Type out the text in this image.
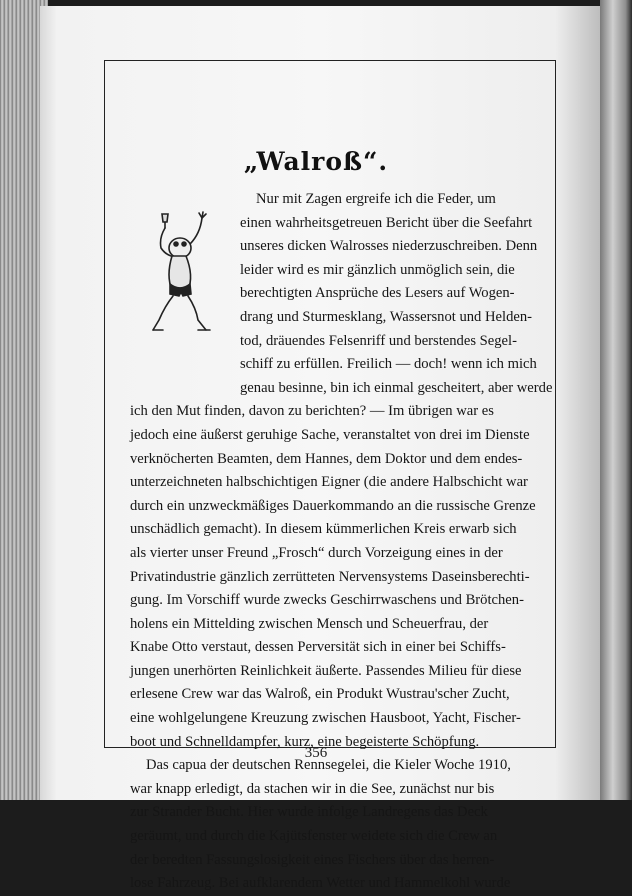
„Walroß“.
Nur mit Zagen ergreife ich die Feder, um
einen wahrheitsgetreuen Bericht über die Seefahrt
unseres dicken Walrosses niederzuschreiben. Denn
leider wird es mir gänzlich unmöglich sein, die
berechtigten Ansprüche des Lesers auf Wogen-
drang und Sturmesklang, Wassersnot und Helden-
tod, dräuendes Felsenriff und berstendes Segel-
schiff zu erfüllen. Freilich — doch! wenn ich mich
genau besinne, bin ich einmal gescheitert, aber werde
ich den Mut finden, davon zu berichten? — Im übrigen war es
jedoch eine äußerst geruhige Sache, veranstaltet von drei im Dienste
verknöcherten Beamten, dem Hannes, dem Doktor und dem endes-
unterzeichneten halbschichtigen Eigner (die andere Halbschicht war
durch ein unzweckmäßiges Dauerkommando an die russische Grenze
unschädlich gemacht). In diesem kümmerlichen Kreis erwarb sich
als vierter unser Freund „Frosch“ durch Vorzeigung eines in der
Privatindustrie gänzlich zerrütteten Nervensystems Daseinsberechti-
gung. Im Vorschiff wurde zwecks Geschirrwaschens und Brötchen-
holens ein Mittelding zwischen Mensch und Scheuerfrau, der
Knabe Otto verstaut, dessen Perversität sich in einer bei Schiffs-
jungen unerhörten Reinlichkeit äußerte. Passendes Milieu für diese
erlesene Crew war das Walroß, ein Produkt Wustrau'scher Zucht,
eine wohlgelungene Kreuzung zwischen Hausboot, Yacht, Fischer-
boot und Schnelldampfer, kurz, eine begeisterte Schöpfung.
Das capua der deutschen Rennsegelei, die Kieler Woche 1910,
war knapp erledigt, da stachen wir in die See, zunächst nur bis
zur Strander Bucht. Hier wurde infolge Landregens das Deck
geräumt, und durch die Kajütsfenster weidete sich die Crew an
der beredten Fassungslosigkeit eines Fischers über das herren-
lose Fahrzeug. Bei aufklarendem Wetter und Hammelkohl wurde
356
